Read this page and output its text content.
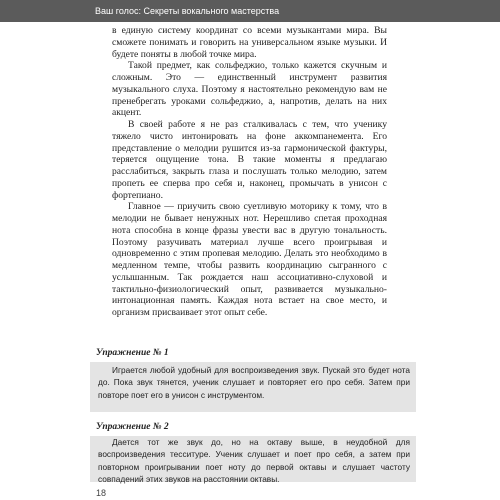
Ваш голос: Секреты вокального мастерства

в единую систему координат со всеми музыкантами мира. Вы сможете понимать и говорить на универсальном языке музыки. И будете поняты в любой точке мира.

Такой предмет, как сольфеджио, только кажется скучным и сложным. Это — единственный инструмент развития музыкального слуха. Поэтому я настоятельно рекомендую вам не пренебрегать уроками сольфеджио, а, напротив, делать на них акцент.

В своей работе я не раз сталкивалась с тем, что ученику тяжело чисто интонировать на фоне аккомпанемента. Его представление о мелодии рушится из-за гармонической фактуры, теряется ощущение тона. В такие моменты я предлагаю расслабиться, закрыть глаза и послушать только мелодию, затем пропеть ее сперва про себя и, наконец, промычать в унисон с фортепиано.

Главное — приучить свою суетливую моторику к тому, что в мелодии не бывает ненужных нот. Нерешливо спетая проходная нота способна в конце фразы увести вас в другую тональность. Поэтому разучивать материал лучше всего проигрывая и одновременно с этим пропевая мелодию. Делать это необходимо в медленном темпе, чтобы развить координацию сыгранного с услышанным. Так рождается наш ассоциативно-слуховой и тактильно-физиологический опыт, развивается музыкально-интонационная память. Каждая нота встает на свое место, и организм присваивает этот опыт себе.

Упражнение № 1

Играется любой удобный для воспроизведения звук. Пускай это будет нота до. Пока звук тянется, ученик слушает и повторяет его про себя. Затем при повторе поет его в унисон с инструментом.

Упражнение № 2

Дается тот же звук до, но на октаву выше, в неудобной для воспроизведения тесситуре. Ученик слушает и поет про себя, а затем при повторном проигрывании поет ноту до первой октавы и слушает частоту совпадений этих звуков на расстоянии октавы.

18
